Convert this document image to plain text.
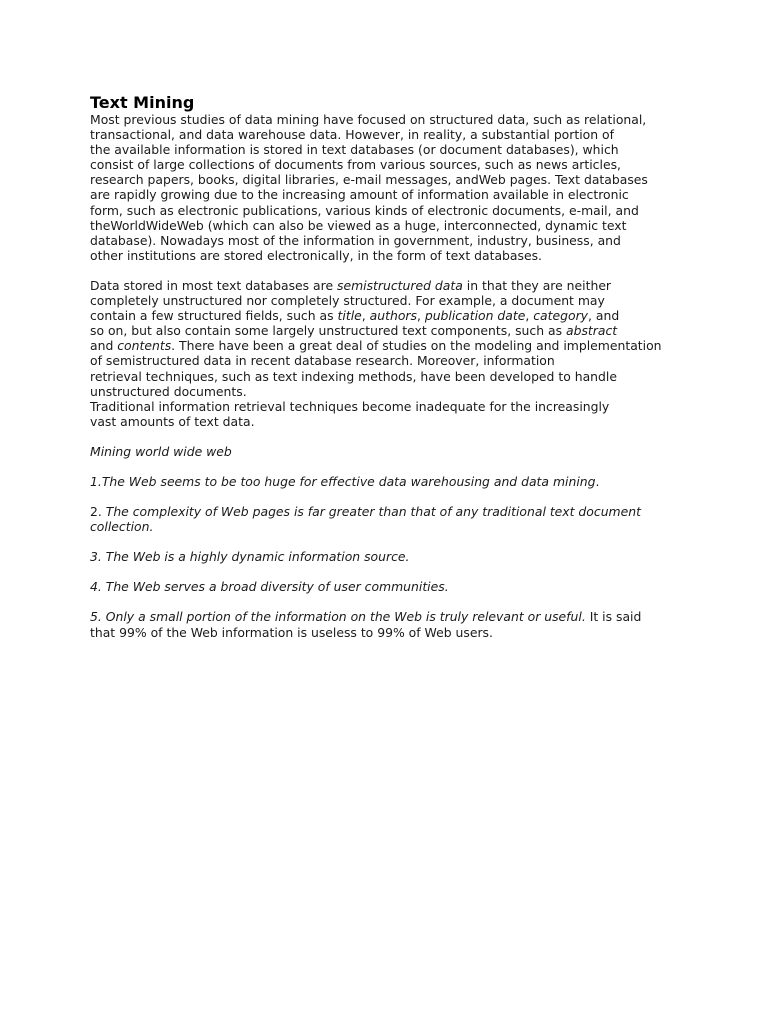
Text Mining
Most previous studies of data mining have focused on structured data, such as relational,
transactional, and data warehouse data. However, in reality, a substantial portion of
the available information is stored in text databases (or document databases), which
consist of large collections of documents from various sources, such as news articles,
research papers, books, digital libraries, e-mail messages, andWeb pages. Text databases
are rapidly growing due to the increasing amount of information available in electronic
form, such as electronic publications, various kinds of electronic documents, e-mail, and
theWorldWideWeb (which can also be viewed as a huge, interconnected, dynamic text
database). Nowadays most of the information in government, industry, business, and
other institutions are stored electronically, in the form of text databases.
Data stored in most text databases are semistructured data in that they are neither
completely unstructured nor completely structured. For example, a document may
contain a few structured fields, such as title, authors, publication date, category, and
so on, but also contain some largely unstructured text components, such as abstract
and contents. There have been a great deal of studies on the modeling and implementation
of semistructured data in recent database research. Moreover, information
retrieval techniques, such as text indexing methods, have been developed to handle
unstructured documents.
Traditional information retrieval techniques become inadequate for the increasingly
vast amounts of text data.
Mining world wide web
1.The Web seems to be too huge for effective data warehousing and data mining.
2. The complexity of Web pages is far greater than that of any traditional text document
collection.
3. The Web is a highly dynamic information source.
4. The Web serves a broad diversity of user communities.
5. Only a small portion of the information on the Web is truly relevant or useful. It is said
that 99% of the Web information is useless to 99% of Web users.
